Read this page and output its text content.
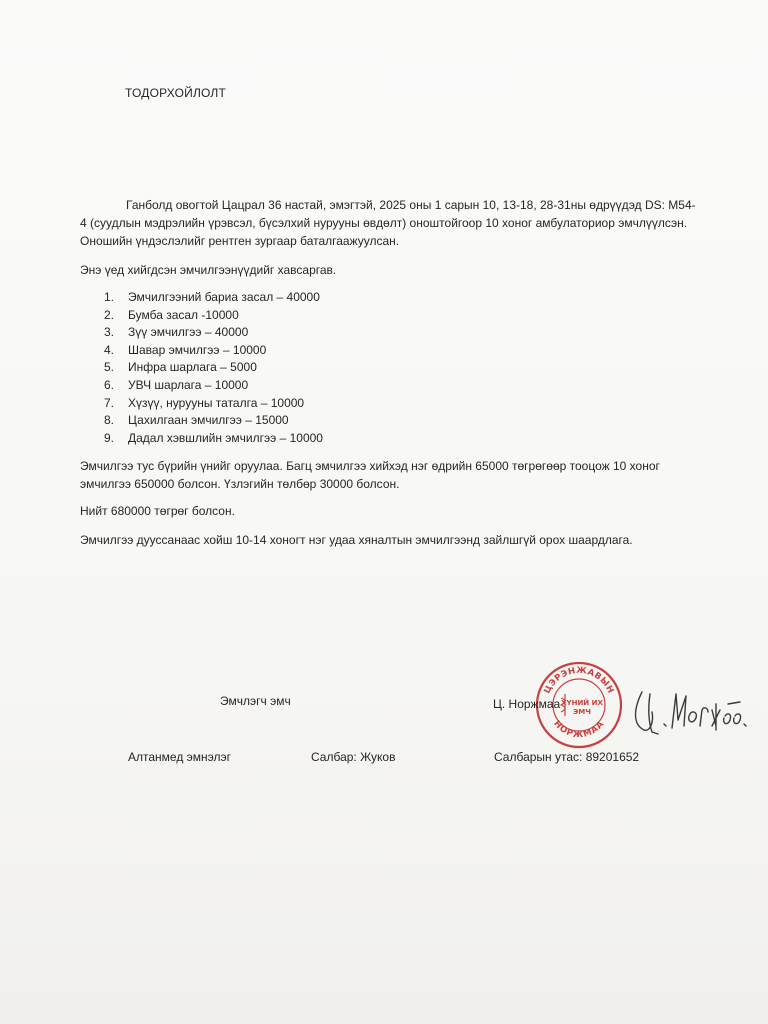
ТОДОРХОЙЛОЛТ
Ганболд овогтой Цацрал 36 настай, эмэгтэй, 2025 оны 1 сарын 10, 13-18, 28-31ны өдрүүдэд DS: M54-4 (суудлын мэдрэлийн үрэвсэл, бүсэлхий нурууны өвдөлт) оноштойгоор 10 хоног амбулаториор эмчлүүлсэн. Оношийн үндэслэлийг рентген зургаар баталгаажуулсан.
Энэ үед хийгдсэн эмчилгээнүүдийг хавсаргав.
1.	Эмчилгээний бариа засал – 40000
2.	Бумба засал -10000
3.	Зүү эмчилгээ – 40000
4.	Шавар эмчилгээ – 10000
5.	Инфра шарлага – 5000
6.	УВЧ шарлага – 10000
7.	Хүзүү, нурууны таталга – 10000
8.	Цахилгаан эмчилгээ – 15000
9.	Дадал хэвшлийн эмчилгээ – 10000
Эмчилгээ тус бүрийн үнийг оруулаа. Багц эмчилгээ хийхэд нэг өдрийн 65000 төгрөгөөр тооцож 10 хоног эмчилгээ 650000 болсон. Үзлэгийн төлбөр 30000 болсон.
Нийт 680000 төгрөг болсон.
Эмчилгээ дууссанаас хойш 10-14 хоногт нэг удаа хяналтын эмчилгээнд зайлшгүй орох шаардлага.
Эмчлэгч эмч
ЦЭРЭНЖАВЫН
НОРЖМАА
ХҮНИЙ ИХ
ЭМЧ
Ц. Норжмаа
Алтанмед эмнэлэг	Салбар: Жуков	Салбарын утас: 89201652
